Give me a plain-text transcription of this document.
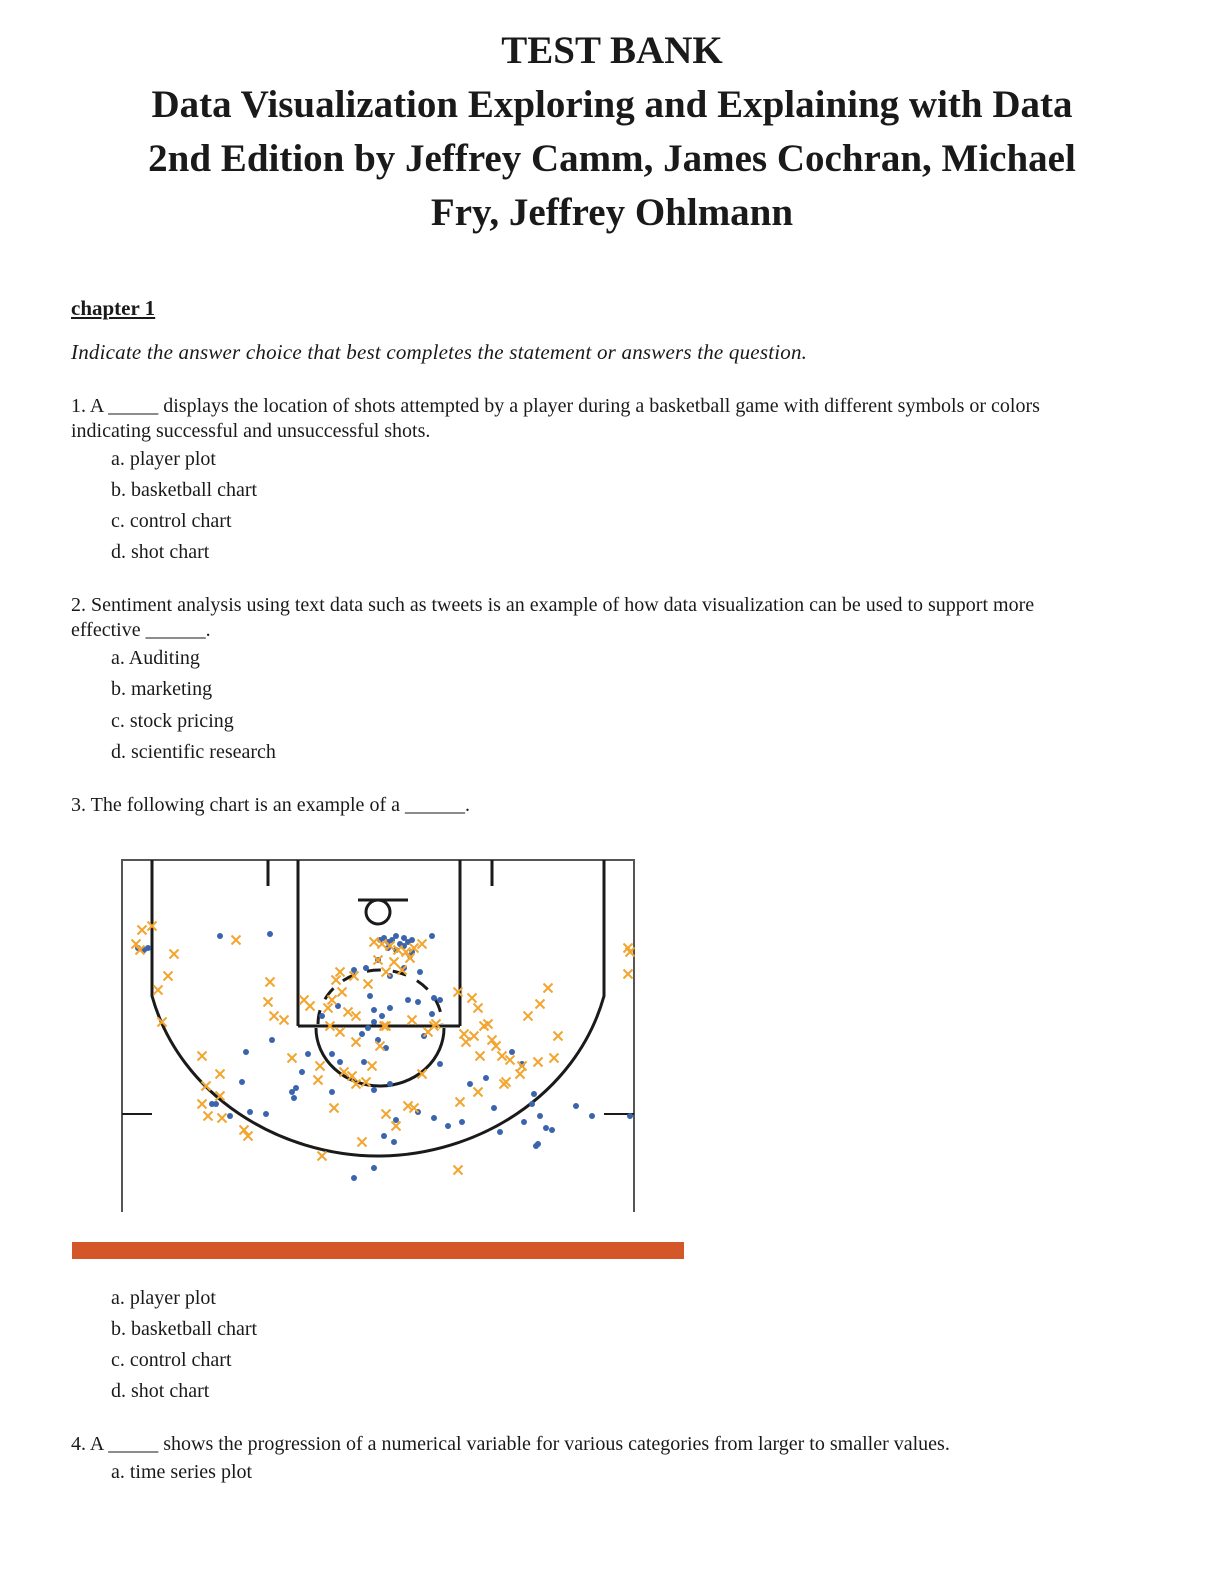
TEST BANK
Data Visualization Exploring and Explaining with Data
2nd Edition by Jeffrey Camm, James Cochran, Michael
Fry, Jeffrey Ohlmann
chapter 1
Indicate the answer choice that best completes the statement or answers the question.
1. A _____ displays the location of shots attempted by a player during a basketball game with different symbols or colors
indicating successful and unsuccessful shots.
a. player plot
b. basketball chart
c. control chart
d. shot chart
2. Sentiment analysis using text data such as tweets is an example of how data visualization can be used to support more
effective ______.
a. Auditing
b. marketing
c. stock pricing
d. scientific research
3. The following chart is an example of a ______.
a. player plot
b. basketball chart
c. control chart
d. shot chart
4. A _____ shows the progression of a numerical variable for various categories from larger to smaller values.
a. time series plot
